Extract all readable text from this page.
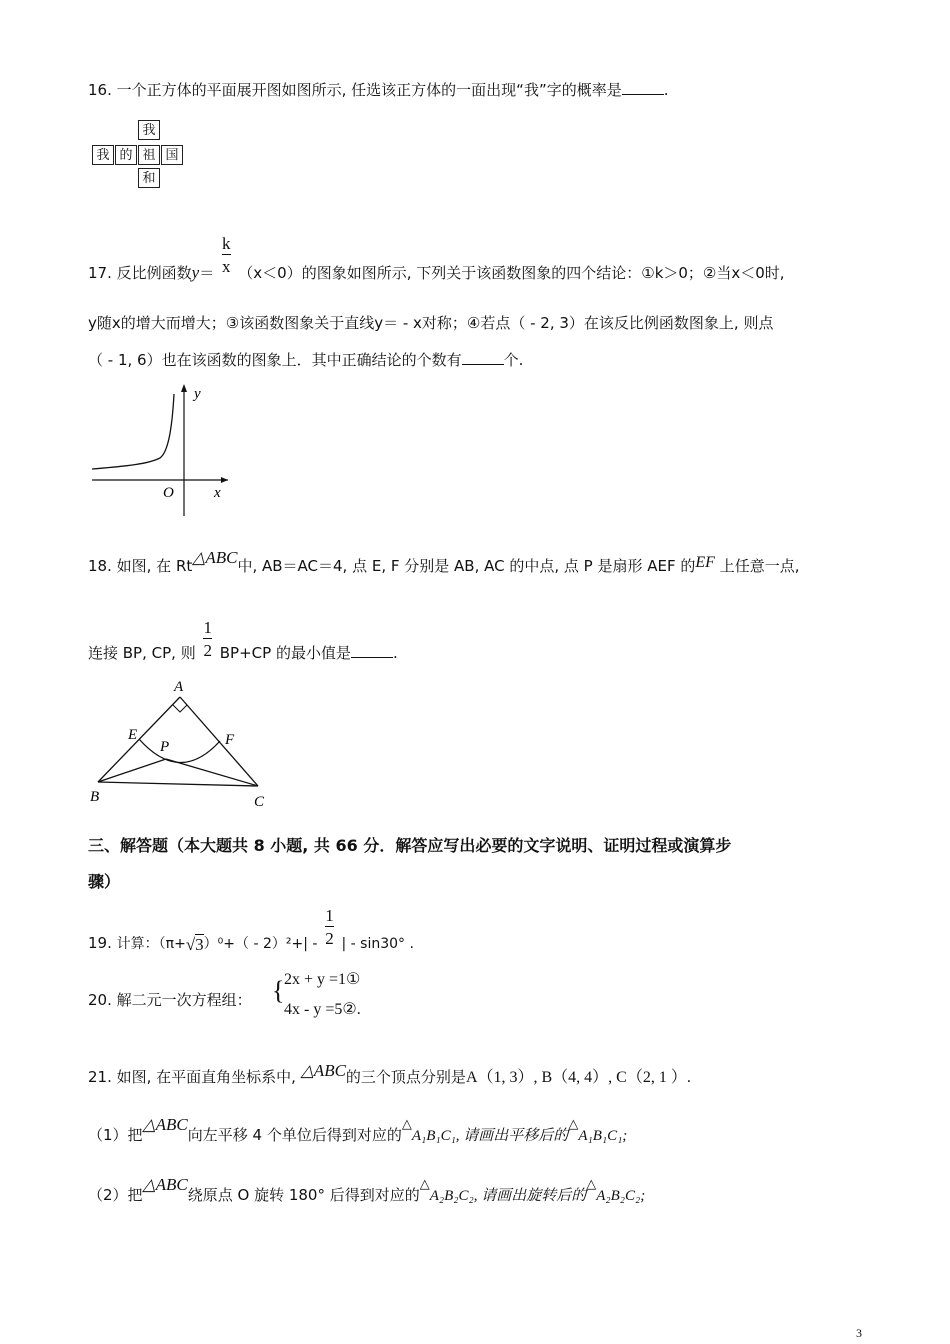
16. 一个正方体的平面展开图如图所示, 任选该正方体的一面出现“我”字的概率是	.
我
我 的 祖 国
和
17. 反比例函数$y= \frac{k}{x} (x<0)$的图象如图所示, 下列关于该函数图象的四个结论：①k＞0；②当x＜0时,
y随x的增大而增大；③该函数图象关于直线y＝ - x对称；④若点（ - 2, 3）在该反比例函数图象上, 则点
（ - 1, 6）也在该函数的图象上．其中正确结论的个数有	个.
y
x
O
18. 如图, 在 Rt△ABC中, AB＝AC＝4, 点 E, F 分别是 AB, AC 的中点, 点 P 是扇形 AEF 的EF 上任意一点,
连接 BP, CP, 则 $\frac{1}{2} BP+CP$ 的最小值是	.
A
E	F
P
B	C
三、解答题（本大题共 8 小题, 共 66 分．解答应写出必要的文字说明、证明过程或演算步
骤）
19. 计算：$(\pi+√3)^0+( - 2)^2+| - \frac{1}{2}$ | - sin30° .
20. 解二元一次方程组： { 2x + y =1①
4x - y =5②.
21. 如图, 在平面直角坐标系中, △ABC的三个顶点分别是A（1, 3）, B（4, 4）, C（2, 1 ）.
（1）把△ABC向左平移 4 个单位后得到对应的△A₁B₁C₁, 请画出平移后的△A₁B₁C₁;
（2）把△ABC绕原点 O 旋转 180° 后得到对应的△A₂B₂C₂, 请画出旋转后的△A₂B₂C₂;
3
